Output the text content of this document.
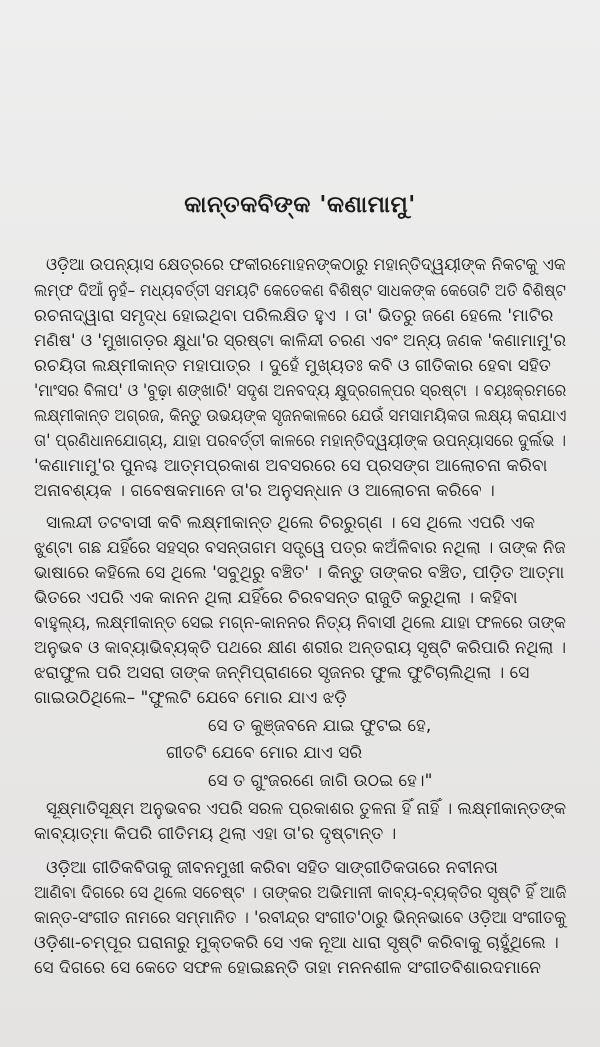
କାନ୍ତକବିଙ୍କ 'କଣାମାମୁ'
ଓଡ଼ିଆ ଉପନ୍ୟାସ କ୍ଷେତ୍ରରେ ଫକୀରମୋହନଙ୍କଠାରୁ ମହାନ୍ତିଦ୍ୱୟୀଙ୍କ ନିକଟକୁ ଏକ
ଲମ୍ଫ ଦିଆଁ ନୁହଁ– ମଧ୍ୟବର୍ତ୍ତୀ ସମୟଟି କେତେକଣ ବିଶିଷ୍ଟ ସାଧକଙ୍କ କେତୋଟି ଅତି ବିଶିଷ୍ଟ
ରଚନାଦ୍ୱାରା ସମୃଦ୍ଧ ହୋଇଥିବା ପରିଲକ୍ଷିତ ହୁଏ । ତା' ଭିତରୁ ଜଣେ ହେଲେ 'ମାଟିର
ମଣିଷ' ଓ 'ମୁଖାଗଡ଼ର କ୍ଷୁଧା'ର ସ୍ରଷ୍ଟା କାଳିନ୍ଦୀ ଚରଣ ଏବଂ ଅନ୍ୟ ଜଣକ 'କଣାମାମୁ'ର
ରଚୟିତା ଲକ୍ଷ୍ମୀକାନ୍ତ ମହାପାତ୍ର । ଦୁହେଁ ମୁଖ୍ୟତଃ କବି ଓ ଗୀତିକାର ହେବା ସହିତ
'ମାଂସର ବିଳାପ' ଓ 'ବୁଢ଼ା ଶଙ୍ଖାରି' ସଦୃଶ ଅନବଦ୍ୟ କ୍ଷୁଦ୍ରଗଳ୍ପର ସ୍ରଷ୍ଟା । ବୟଃକ୍ରମରେ
ଲକ୍ଷ୍ମୀକାନ୍ତ ଅଗ୍ରଜ, କିନ୍ତୁ ଉଭୟଙ୍କ ସୃଜନକାଳରେ ଯେଉଁ ସମସାମୟିକତା ଲକ୍ଷ୍ୟ କରାଯାଏ
ତା' ପ୍ରଣିଧାନଯୋଗ୍ୟ, ଯାହା ପରବର୍ତ୍ତୀ କାଳରେ ମହାନ୍ତିଦ୍ୱୟୀଙ୍କ ଉପନ୍ୟାସରେ ଦୁର୍ଲଭ ।
'କଣାମାମୁ'ର ପୁନଶ୍ଚ ଆତ୍ମପ୍ରକାଶ ଅବସରରେ ସେ ପ୍ରସଙ୍ଗ ଆଲୋଚନା କରିବା
ଅନାବଶ୍ୟକ । ଗବେଷକମାନେ ତା'ର ଅନୁସନ୍ଧାନ ଓ ଆଲୋଚନା କରିବେ ।
ସାଲନ୍ଦୀ ତଟବାସୀ କବି ଲକ୍ଷ୍ମୀକାନ୍ତ ଥିଲେ ଚିରରୁଗ୍ଣ । ସେ ଥିଲେ ଏପରି ଏକ
ଝୁଣ୍ଟା ଗଛ ଯହିଁରେ ସହସ୍ର ବସନ୍ତାଗମ ସତ୍ତ୍ୱେ ପତ୍ର କଅଁଳିବାର ନଥିଲା । ତାଙ୍କ ନିଜ
ଭାଷାରେ କହିଲେ ସେ ଥିଲେ 'ସବୁଥିରୁ ବଞ୍ଚିତ' । କିନ୍ତୁ ତାଙ୍କର ବଞ୍ଚିତ, ପୀଡ଼ିତ ଆତ୍ମା
ଭିତରେ ଏପରି ଏକ କାନନ ଥିଲା ଯହିଁରେ ଚିରବସନ୍ତ ରାଜୁତି କରୁଥିଲା । କହିବା
ବାହୁଲ୍ୟ, ଲକ୍ଷ୍ମୀକାନ୍ତ ସେଇ ମଗ୍ନ-କାନନର ନିତ୍ୟ ନିବାସୀ ଥିଲେ ଯାହା ଫଳରେ ତାଙ୍କ
ଅନୁଭବ ଓ କାବ୍ୟାଭିବ୍ୟକ୍ତି ପଥରେ କ୍ଷୀଣ ଶରୀର ଅନ୍ତରାୟ ସୃଷ୍ଟି କରିପାରି ନଥିଲା ।
ଝରାଫୁଲ ପରି ଅସରା ତାଙ୍କ ଜନ୍ମିପ୍ରାଣରେ ସୃଜନର ଫୁଲ ଫୁଟିଚାଲିଥିଲା । ସେ
ଗାଇଉଠିଥିଲେ– "ଫୁଲଟି ଯେବେ ମୋର ଯାଏ ଝଡ଼ି
ସେ ତ କୁଞ୍ଜବନେ ଯାଇ ଫୁଟଇ ହେ,
ଗୀତଟି ଯେବେ ମୋର ଯାଏ ସରି
ସେ ତ ଗୁଂଜରଣେ ଜାଗି ଉଠଇ ହେ।"
ସୂକ୍ଷ୍ମାତିସୂକ୍ଷ୍ମ ଅନୁଭବର ଏପରି ସରଳ ପ୍ରକାଶର ତୁଳନା ହିଁ ନାହିଁ । ଲକ୍ଷ୍ମୀକାନ୍ତଙ୍କ
କାବ୍ୟାତ୍ମା କିପରି ଗୀତିମୟ ଥିଲା ଏହା ତା'ର ଦୃଷ୍ଟାନ୍ତ ।
ଓଡ଼ିଆ ଗୀତିକବିତାକୁ ଜୀବନମୁଖୀ କରିବା ସହିତ ସାଙ୍ଗୀତିକତାରେ ନବୀନତା
ଆଣିବା ଦିଗରେ ସେ ଥିଲେ ସଚେଷ୍ଟ । ତାଙ୍କର ଅଭିମାନୀ କାବ୍ୟ-ବ୍ୟକ୍ତିର ସୃଷ୍ଟି ହିଁ ଆଜି
କାନ୍ତ-ସଂଗୀତ ନାମରେ ସମ୍ମାନିତ । 'ରବୀନ୍ଦ୍ର ସଂଗୀତ'ଠାରୁ ଭିନ୍ନଭାବେ ଓଡ଼ିଆ ସଂଗୀତକୁ
ଓଡ଼ିଶା-ଚମ୍ପୂର ଘରାନାରୁ ମୁକ୍ତକରି ସେ ଏକ ନୂଆ ଧାରା ସୃଷ୍ଟି କରିବାକୁ ଚାହୁଁଥିଲେ ।
ସେ ଦିଗରେ ସେ କେତେ ସଫଳ ହୋଇଛନ୍ତି ତାହା ମନନଶୀଳ ସଂଗୀତବିଶାରଦମାନେ
